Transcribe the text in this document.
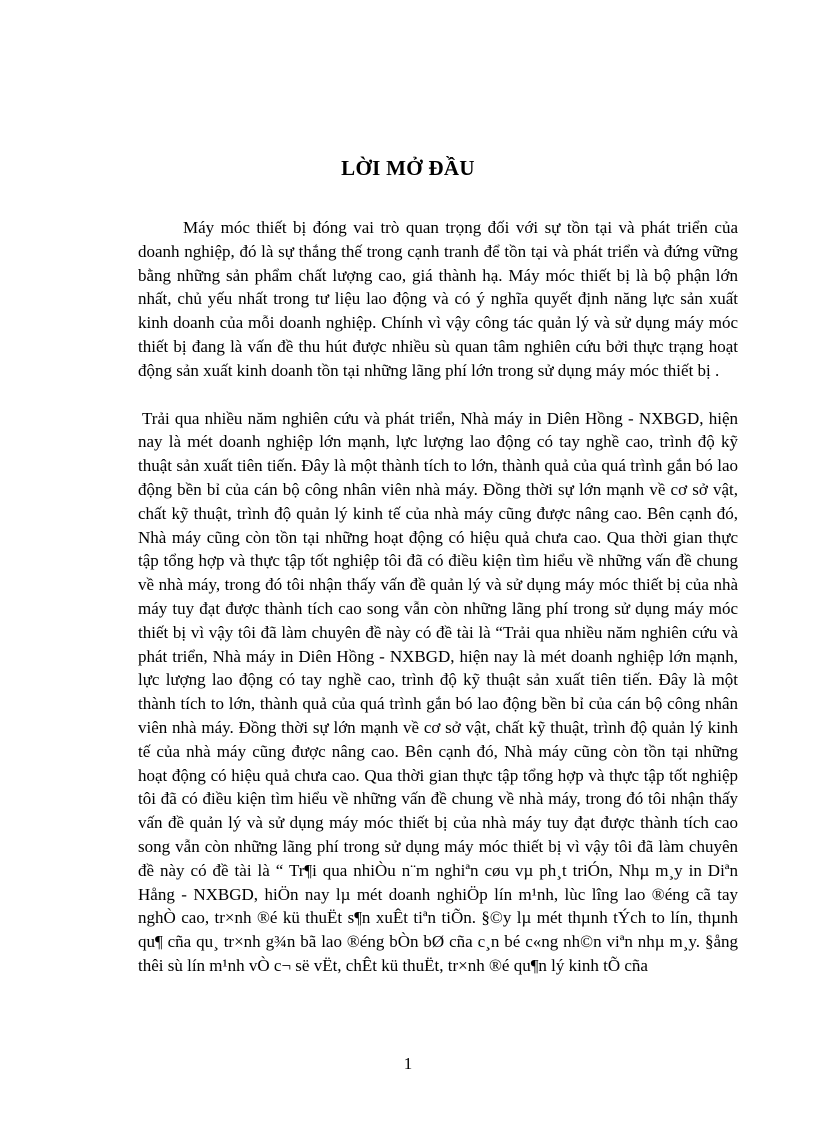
LỜI MỞ ĐẦU

Máy móc thiết bị đóng vai trò quan trọng đối với sự tồn tại và phát triển của doanh nghiệp, đó là sự thắng thế trong cạnh tranh để tồn tại và phát triển và đứng vững bằng những sản phẩm chất lượng cao, giá thành hạ. Máy móc thiết bị là bộ phận lớn nhất, chủ yếu nhất trong tư liệu lao động và có ý nghĩa quyết định năng lực sản xuất kinh doanh của mỗi doanh nghiệp. Chính vì vậy công tác quản lý và sử dụng máy móc thiết bị đang là vấn đề thu hút được nhiều sù quan tâm nghiên cứu bởi thực trạng hoạt động sản xuất kinh doanh tồn tại những lãng phí lớn trong sử dụng máy móc thiết bị .

Trải qua nhiều năm nghiên cứu và phát triển, Nhà máy in Diên Hồng - NXBGD, hiện nay là mét doanh nghiệp lớn mạnh, lực lượng lao động có tay nghề cao, trình độ kỹ thuật sản xuất tiên tiến. Đây là một thành tích to lớn, thành quả của quá trình gắn bó lao động bền bỉ của cán bộ công nhân viên nhà máy. Đồng thời sự lớn mạnh về cơ sở vật, chất kỹ thuật, trình độ quản lý kinh tế của nhà máy cũng được nâng cao. Bên cạnh đó, Nhà máy cũng còn tồn tại những hoạt động có hiệu quả chưa cao. Qua thời gian thực tập tổng hợp và thực tập tốt nghiệp tôi đã có điều kiện tìm hiểu về những vấn đề chung về nhà máy, trong đó tôi nhận thấy vấn đề quản lý và sử dụng máy móc thiết bị của nhà máy tuy đạt được thành tích cao song vẫn còn những lãng phí trong sử dụng máy móc thiết bị vì vậy tôi đã làm chuyên đề này có đề tài là “Trải qua nhiều năm nghiên cứu và phát triển, Nhà máy in Diên Hồng - NXBGD, hiện nay là mét doanh nghiệp lớn mạnh, lực lượng lao động có tay nghề cao, trình độ kỹ thuật sản xuất tiên tiến. Đây là một thành tích to lớn, thành quả của quá trình gắn bó lao động bền bỉ của cán bộ công nhân viên nhà máy. Đồng thời sự lớn mạnh về cơ sở vật, chất kỹ thuật, trình độ quản lý kinh tế của nhà máy cũng được nâng cao. Bên cạnh đó, Nhà máy cũng còn tồn tại những hoạt động có hiệu quả chưa cao. Qua thời gian thực tập tổng hợp và thực tập tốt nghiệp tôi đã có điều kiện tìm hiểu về những vấn đề chung về nhà máy, trong đó tôi nhận thấy vấn đề quản lý và sử dụng máy móc thiết bị của nhà máy tuy đạt được thành tích cao song vẫn còn những lãng phí trong sử dụng máy móc thiết bị vì vậy tôi đã làm chuyên đề này có đề tài là “ Tr¶i qua nhiÒu n¨m nghiªn cøu vµ ph¸t triÓn, Nhµ m¸y in Diªn Hång - NXBGD, hiÖn nay lµ mét doanh nghiÖp lín m¹nh, lùc lîng lao ®éng cã tay nghÒ cao, tr×nh ®é kü thuËt s¶n xuÊt tiªn tiÕn. §©y lµ mét thµnh tÝch to lín, thµnh qu¶ cña qu¸ tr×nh g¾n bã lao ®éng bÒn bØ cña c¸n bé c«ng nh©n viªn nhµ m¸y. §ång thêi sù lín m¹nh vÒ c¬ së vËt, chÊt kü thuËt, tr×nh ®é qu¶n lý kinh tÕ cña

1
